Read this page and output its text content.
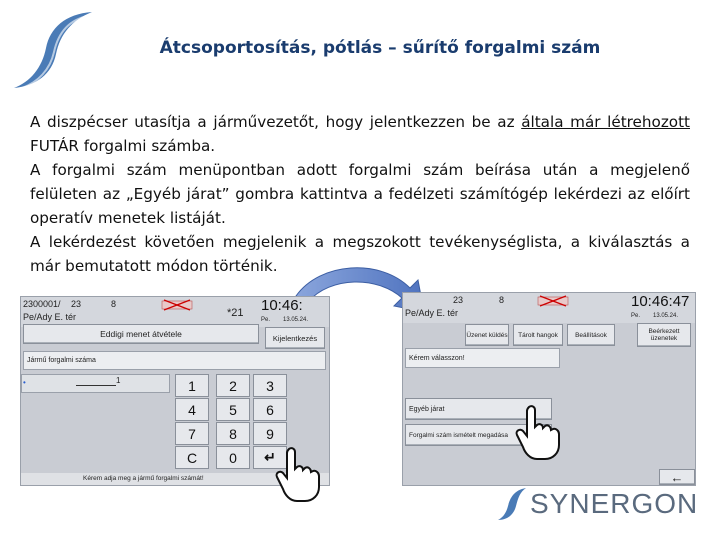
Átcsoportosítás, pótlás – sűrítő forgalmi szám

A diszpécser utasítja a járművezetőt, hogy jelentkezzen be az általa már létrehozott FUTÁR forgalmi számba.

A forgalmi szám menüpontban adott forgalmi szám beírása után a megjelenő felületen az „Egyéb járat” gombra kattintva a fedélzeti számítógép lekérdezi az előírt operatív menetek listáját.

A lekérdezést követően megjelenik a megszokott tevékenységlista, a kiválasztás a már bemutatott módon történik.

2300001/ 23	8
Pe/Ady E. tér	*21 10:46:
Pe. 13.05.24.
Eddigi menet átvétele	Kijelentkezés
Jármű forgalmi száma
•	1	1	2	3
4	5	6
7	8	9
C	0	↵
Kérem adja meg a jármű forgalmi számát!
23	8
Pe/Ady E. tér
10:46:47
Pe. 13.05.24.
Üzenet küldés	Tárolt hangok	Beállítások	Beérkezett üzenetek
Kérem válasszon!
Egyéb járat
Forgalmi szám ismételt megadása
←
SYNERGON
